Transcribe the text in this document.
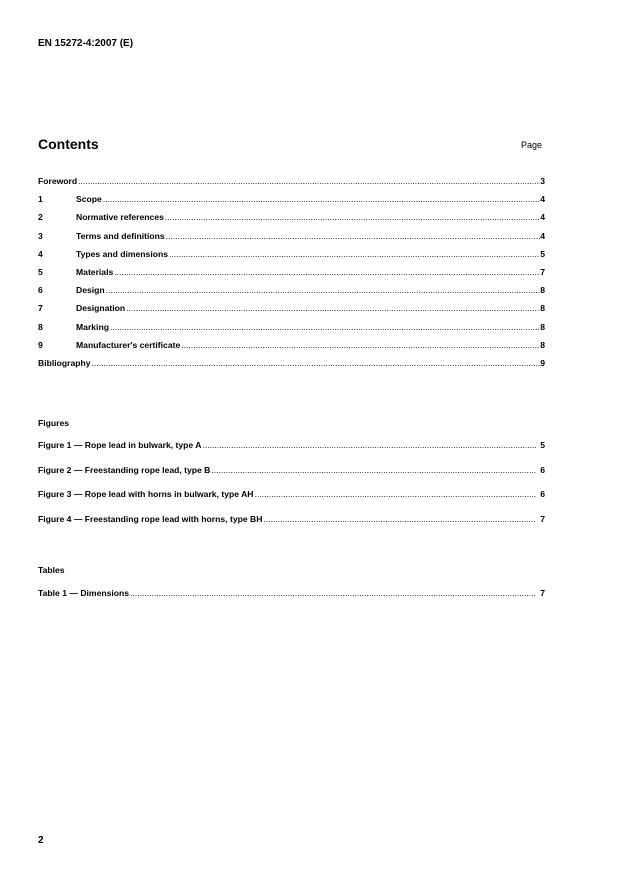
EN 15272-4:2007 (E)
Contents	Page
Foreword .....	3
1	Scope .....	4
2	Normative references .....	4
3	Terms and definitions .....	4
4	Types and dimensions .....	5
5	Materials .....	7
6	Design .....	8
7	Designation .....	8
8	Marking .....	8
9	Manufacturer's certificate .....	8
Bibliography .....	9
Figures
Figure 1 — Rope lead in bulwark, type A .....	5
Figure 2 — Freestanding rope lead, type B .....	6
Figure 3 — Rope lead with horns in bulwark, type AH .....	6
Figure 4 — Freestanding rope lead with horns, type BH .....	7
Tables
Table 1 — Dimensions .....	7
2
